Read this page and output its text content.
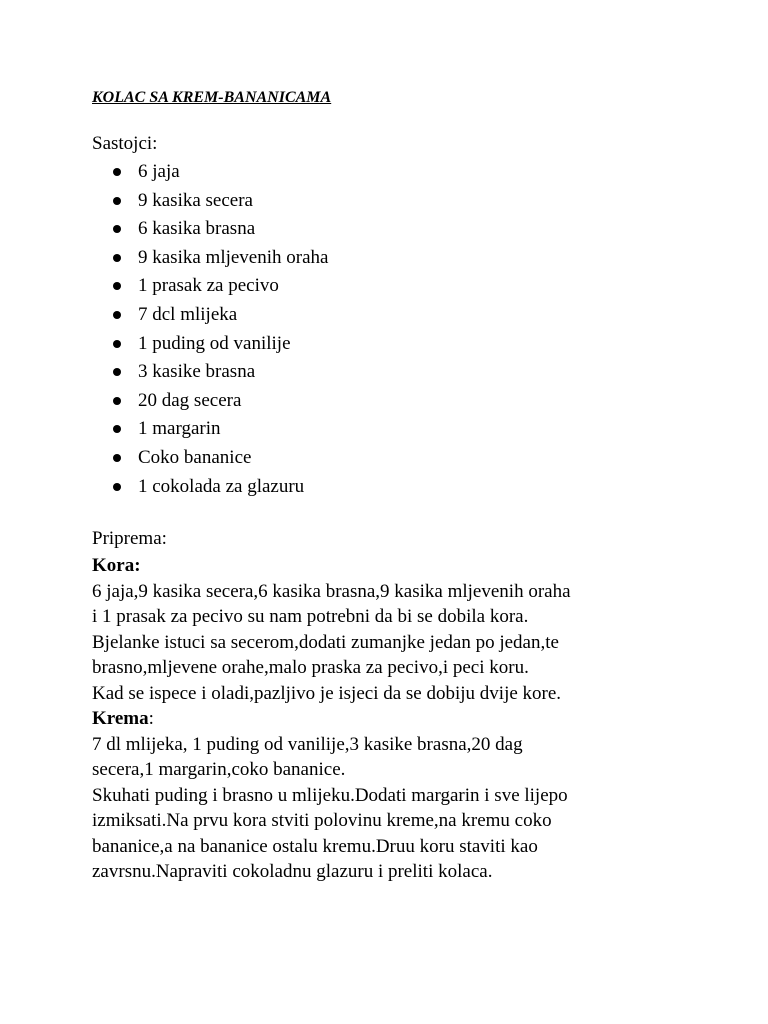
KOLAC SA KREM-BANANICAMA

Sastojci:

6 jaja
9 kasika secera
6 kasika brasna
9 kasika mljevenih oraha
1 prasak za pecivo
7 dcl mlijeka
1 puding od vanilije
3 kasike brasna
20 dag secera
1 margarin
Coko bananice
1 cokolada za glazuru

Priprema:

Kora:

6 jaja,9 kasika secera,6 kasika brasna,9 kasika mljevenih oraha

i 1 prasak za pecivo su nam potrebni da bi se dobila kora.

Bjelanke istuci sa secerom,dodati zumanjke jedan po jedan,te

brasno,mljevene orahe,malo praska za pecivo,i peci koru.

Kad se ispece i oladi,pazljivo je isjeci da se dobiju dvije kore.

Krema:

7 dl mlijeka, 1 puding od vanilije,3 kasike brasna,20 dag

secera,1 margarin,coko bananice.

Skuhati puding i brasno u mlijeku.Dodati margarin i sve lijepo

izmiksati.Na prvu kora stviti polovinu kreme,na kremu coko

bananice,a na bananice ostalu kremu.Druu koru staviti kao

zavrsnu.Napraviti cokoladnu glazuru i preliti kolaca.
